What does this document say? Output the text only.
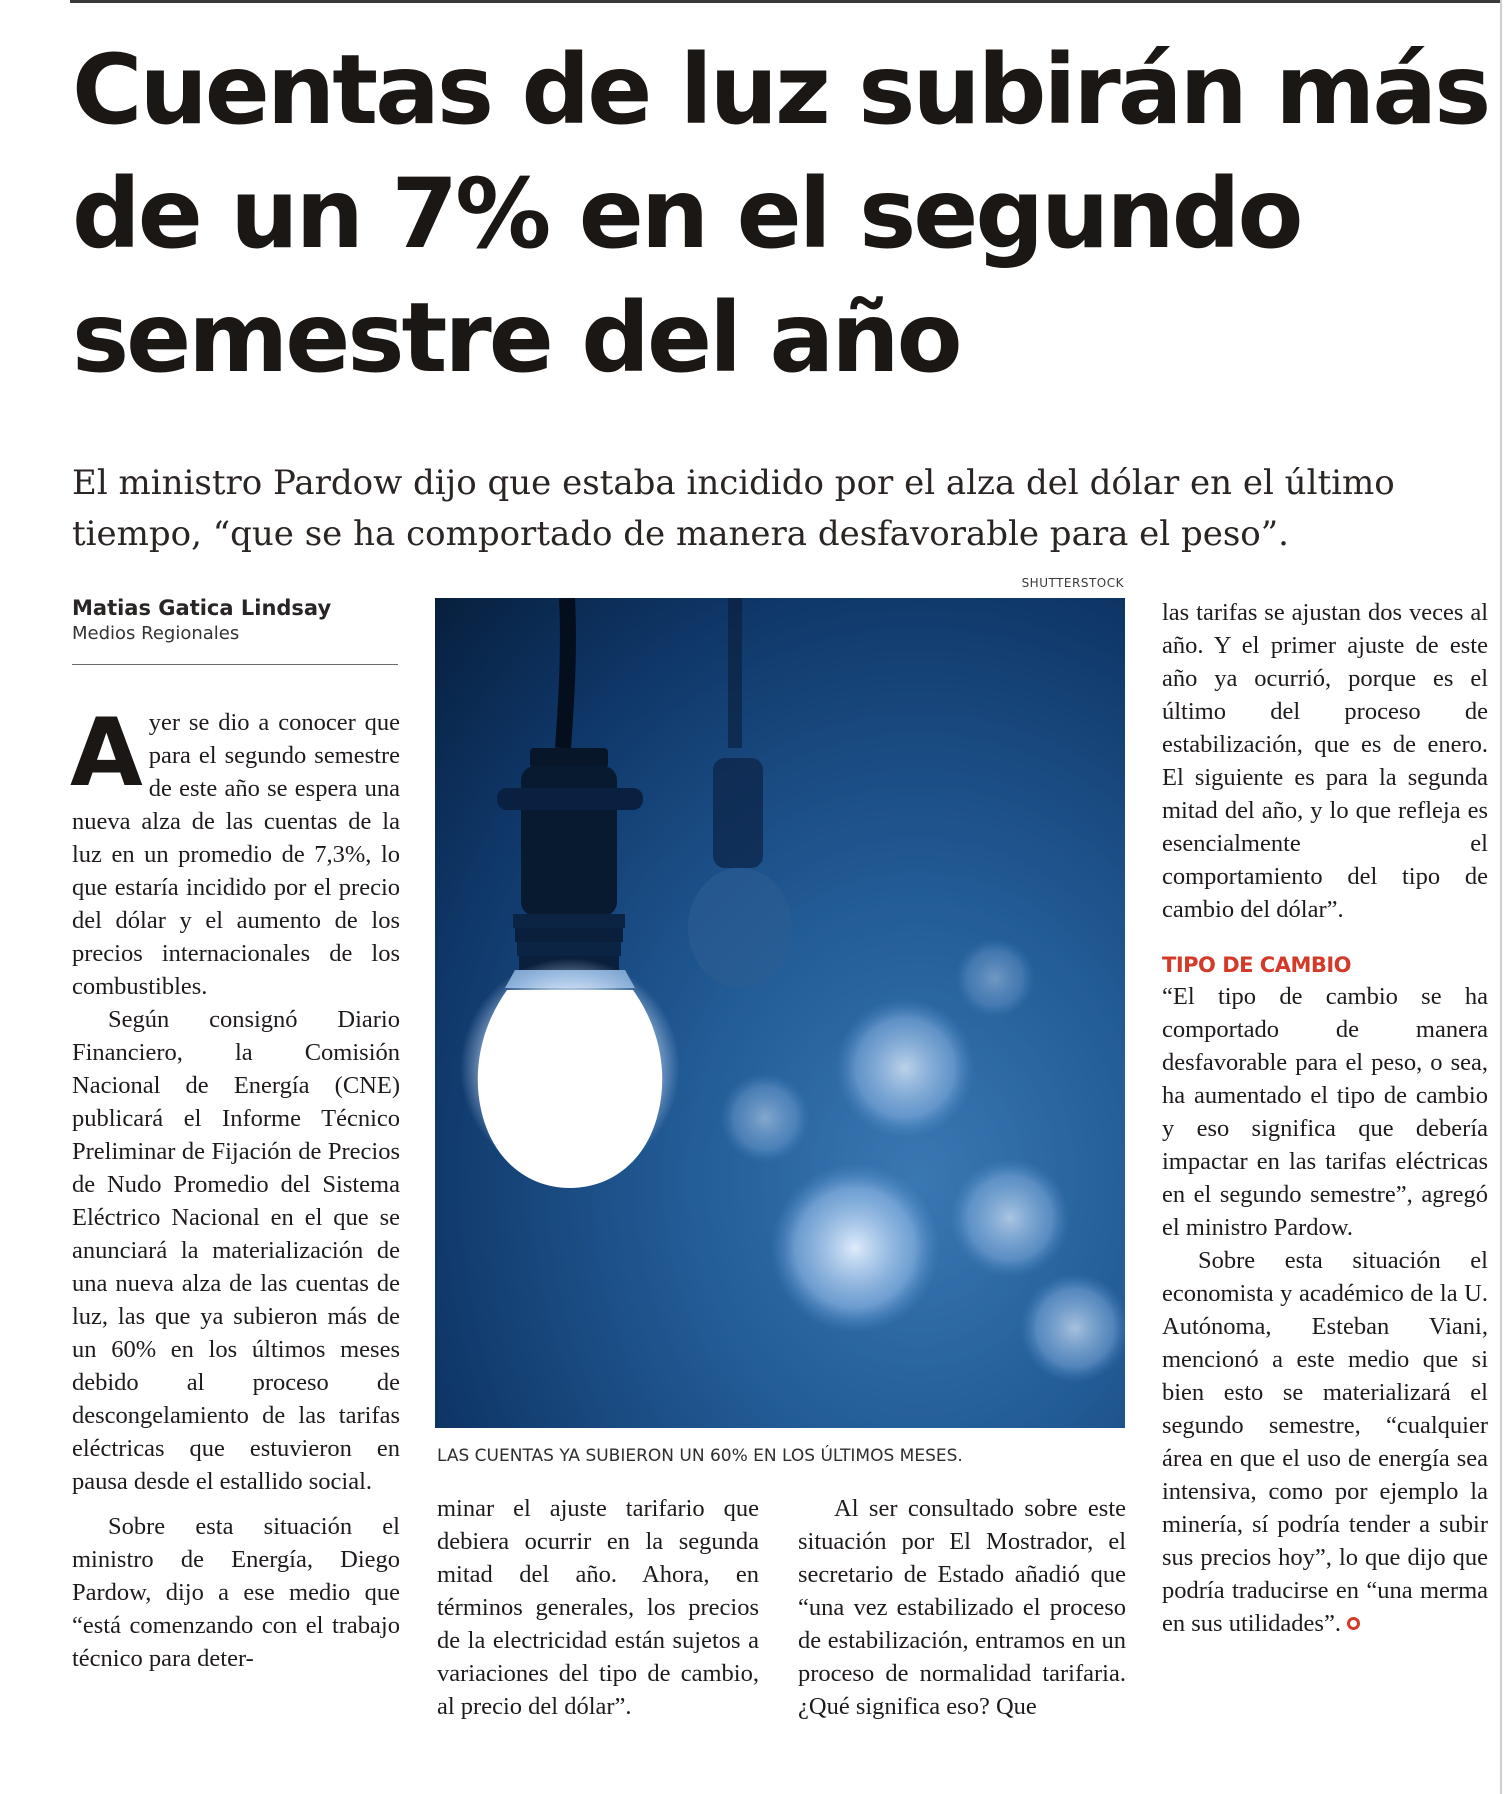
Cuentas de luz subirán más de un 7% en el segundo semestre del año

El ministro Pardow dijo que estaba incidido por el alza del dólar en el último tiempo, “que se ha comportado de manera desfavorable para el peso”.

Matias Gatica Lindsay
Medios Regionales

Ayer se dio a conocer que para el segundo semestre de este año se espera una nueva alza de las cuentas de la luz en un promedio de 7,3%, lo que estaría incidido por el precio del dólar y el aumento de los precios internacionales de los combustibles.

Según consignó Diario Financiero, la Comisión Nacional de Energía (CNE) publicará el Informe Técnico Preliminar de Fijación de Precios de Nudo Promedio del Sistema Eléctrico Nacional en el que se anunciará la materialización de una nueva alza de las cuentas de luz, las que ya subieron más de un 60% en los últimos meses debido al proceso de descongelamiento de las tarifas eléctricas que estuvieron en pausa desde el estallido social.

Sobre esta situación el ministro de Energía, Diego Pardow, dijo a ese medio que “está comenzando con el trabajo técnico para deter-

SHUTTERSTOCK
LAS CUENTAS YA SUBIERON UN 60% EN LOS ÚLTIMOS MESES.

minar el ajuste tarifario que debiera ocurrir en la segunda mitad del año. Ahora, en términos generales, los precios de la electricidad están sujetos a variaciones del tipo de cambio, al precio del dólar”.

Al ser consultado sobre este situación por El Mostrador, el secretario de Estado añadió que “una vez estabilizado el proceso de estabilización, entramos en un proceso de normalidad tarifaria. ¿Qué significa eso? Que

las tarifas se ajustan dos veces al año. Y el primer ajuste de este año ya ocurrió, porque es el último del proceso de estabilización, que es de enero. El siguiente es para la segunda mitad del año, y lo que refleja es esencialmente el comportamiento del tipo de cambio del dólar”.

TIPO DE CAMBIO

“El tipo de cambio se ha comportado de manera desfavorable para el peso, o sea, ha aumentado el tipo de cambio y eso significa que debería impactar en las tarifas eléctricas en el segundo semestre”, agregó el ministro Pardow.

Sobre esta situación el economista y académico de la U. Autónoma, Esteban Viani, mencionó a este medio que si bien esto se materializará el segundo semestre, “cualquier área en que el uso de energía sea intensiva, como por ejemplo la minería, sí podría tender a subir sus precios hoy”, lo que dijo que podría traducirse en “una merma en sus utilidades”.
